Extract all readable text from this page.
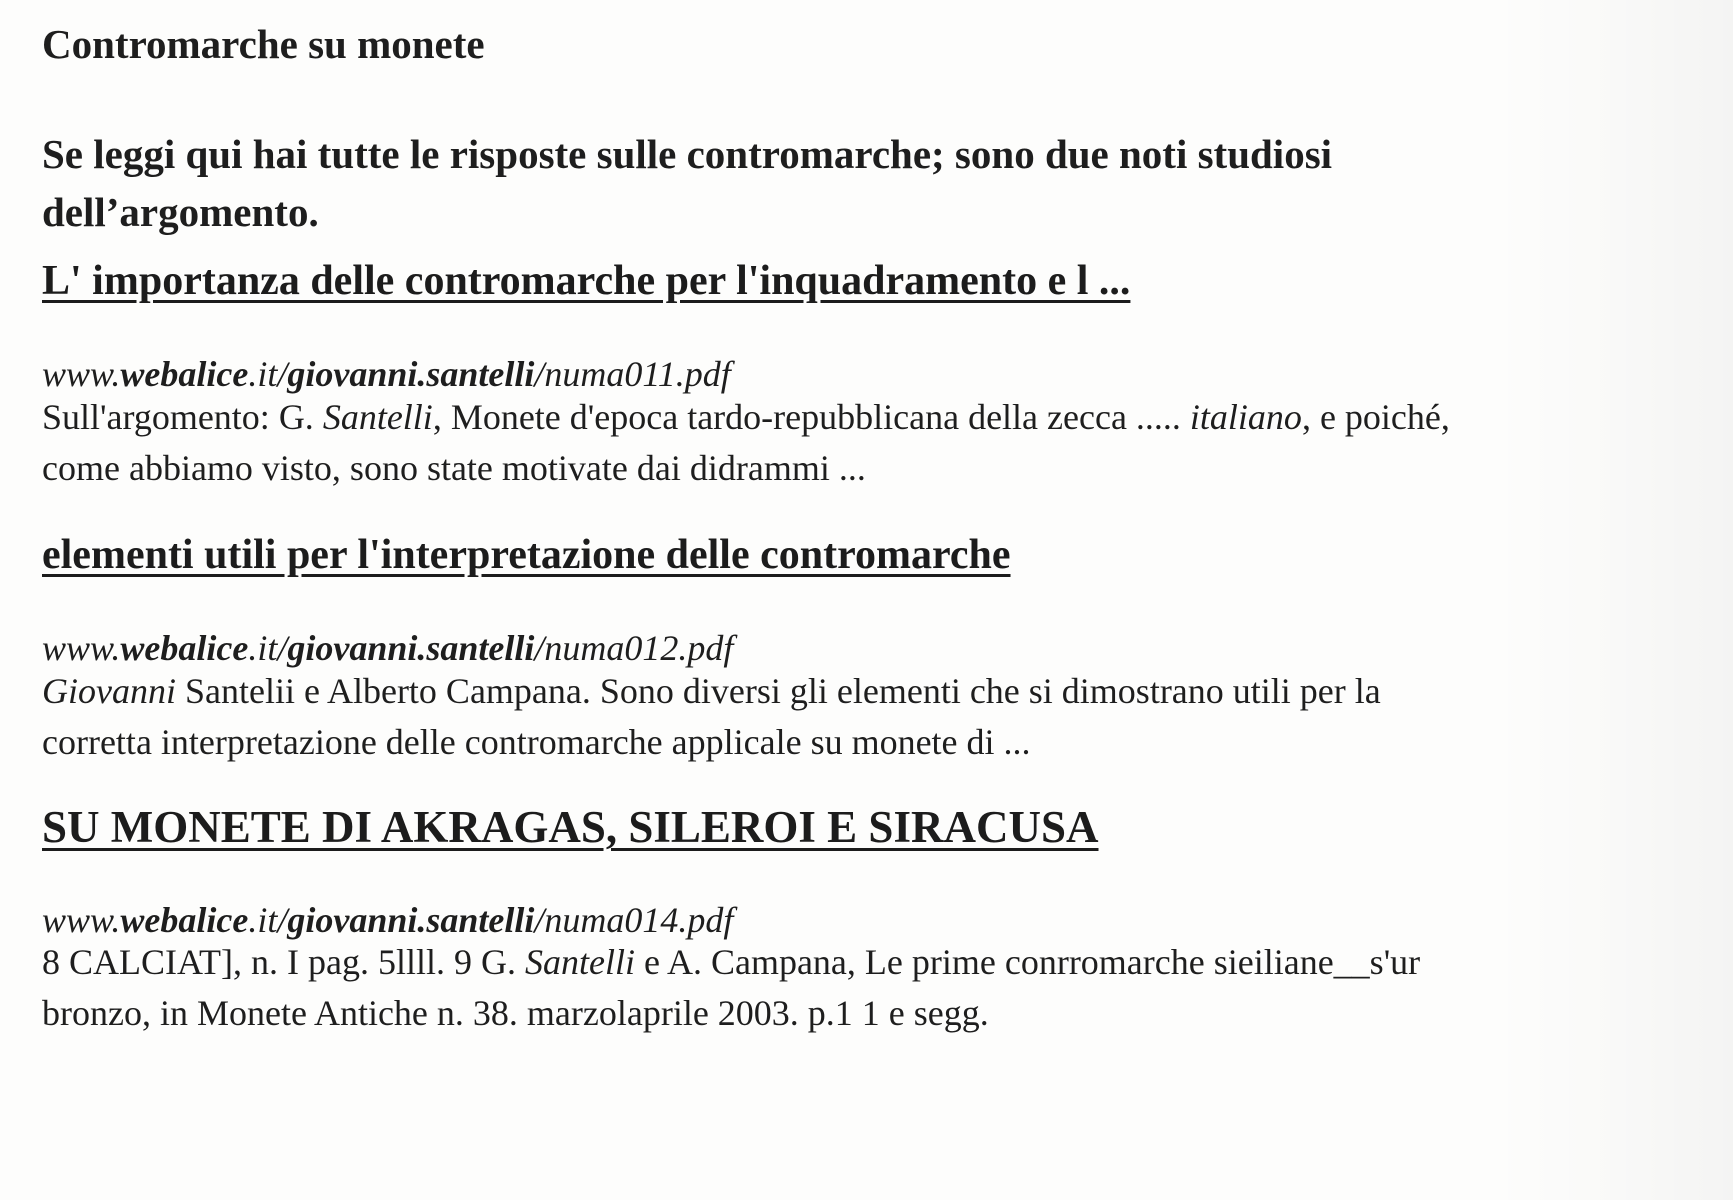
Contromarche su monete
Se leggi qui hai tutte le risposte sulle contromarche; sono due noti studiosi
dell’argomento.
L' importanza delle contromarche per l'inquadramento e l ...
www.webalice.it/giovanni.santelli/numa011.pdf
Sull'argomento: G. Santelli, Monete d'epoca tardo-repubblicana della zecca ..... italiano, e poiché,
come abbiamo visto, sono state motivate dai didrammi ...
elementi utili per l'interpretazione delle contromarche
www.webalice.it/giovanni.santelli/numa012.pdf
Giovanni Santelii e Alberto Campana. Sono diversi gli elementi che si dimostrano utili per la
corretta interpretazione delle contromarche applicale su monete di ...
SU MONETE DI AKRAGAS, SILEROI E SIRACUSA
www.webalice.it/giovanni.santelli/numa014.pdf
8 CALCIAT], n. I pag. 5llll. 9 G. Santelli e A. Campana, Le prime conrromarche sieiliane__s'ur
bronzo, in Monete Antiche n. 38. marzolaprile 2003. p.1 1 e segg.
